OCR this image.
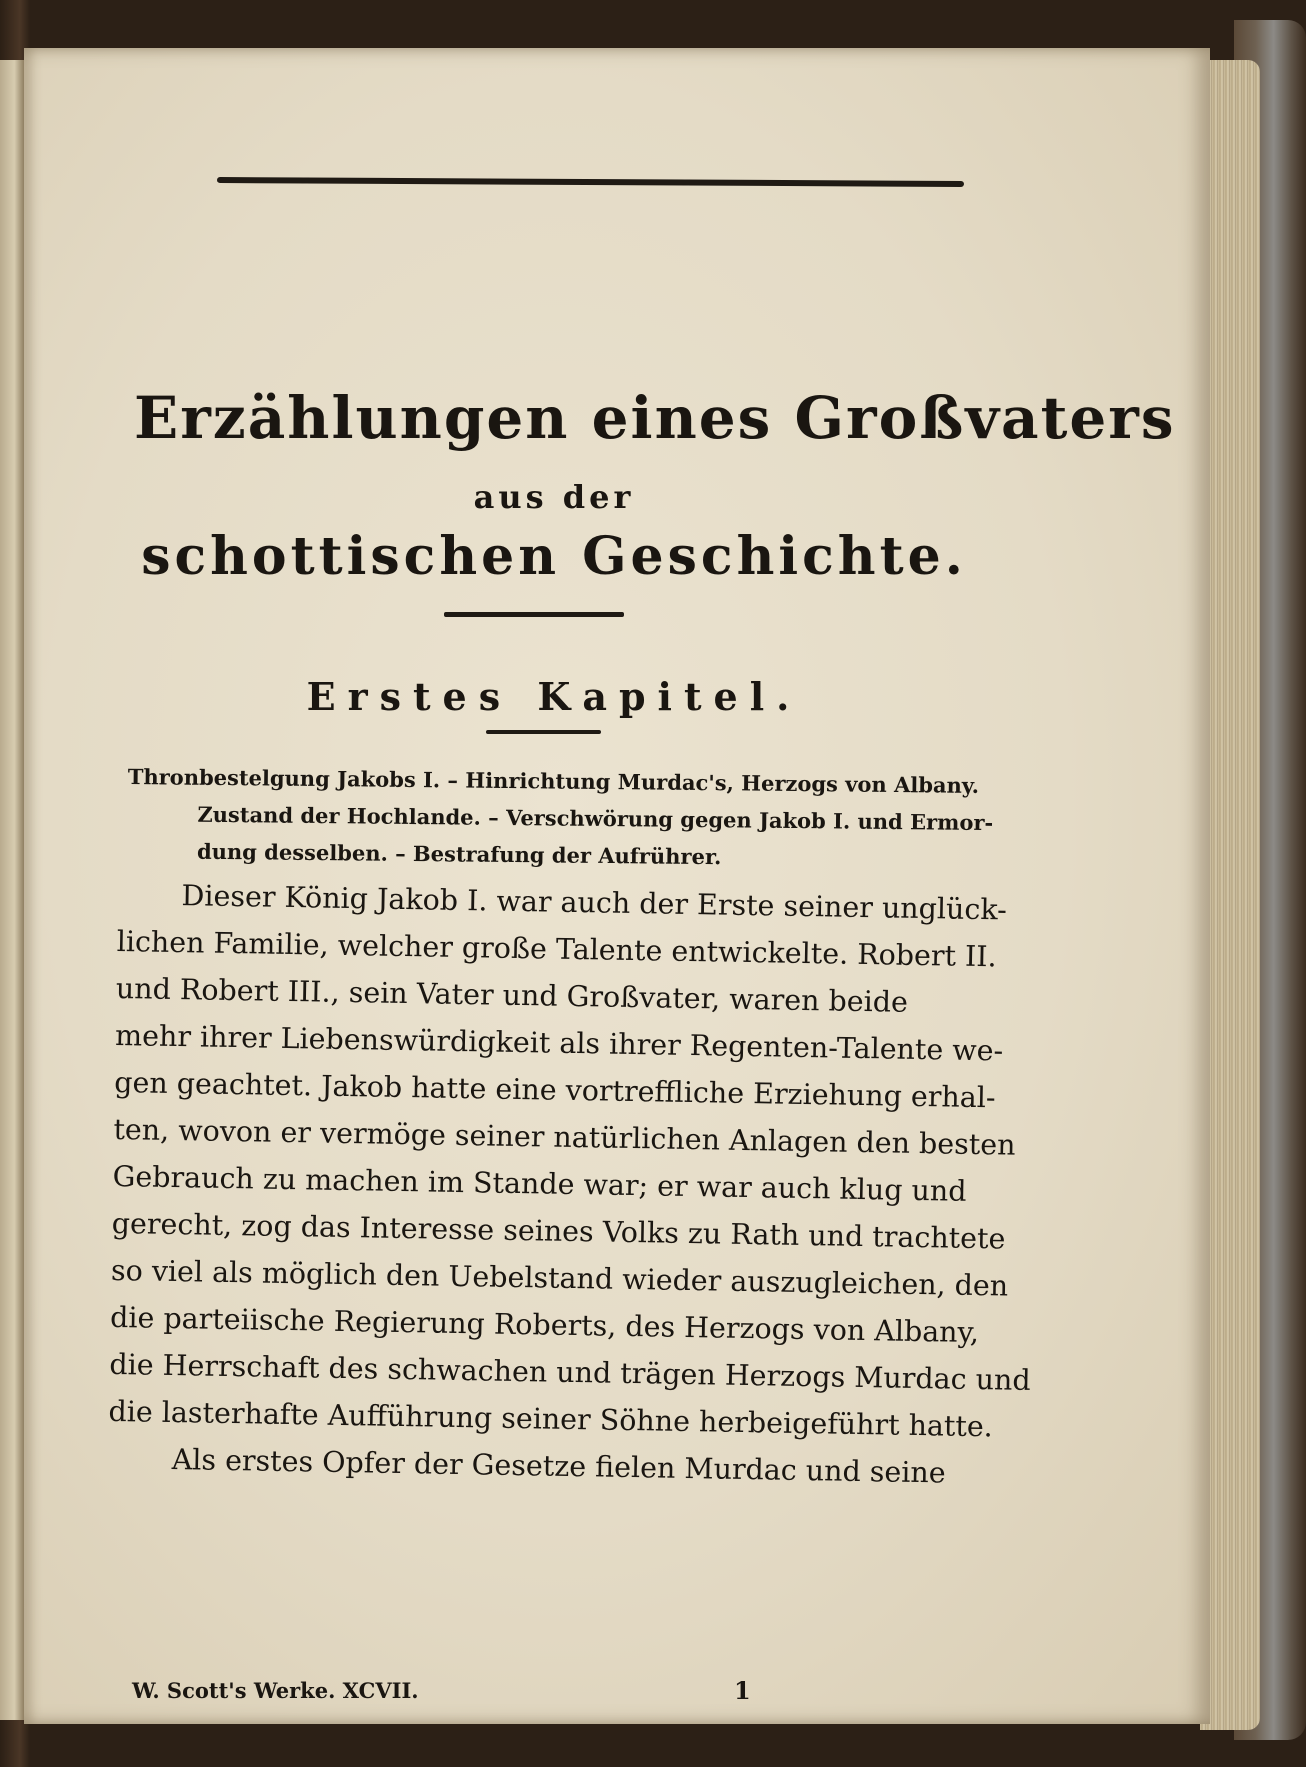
Erzählungen eines Großvaters
aus der
schottischen Geschichte.
Erstes Kapitel.
Thronbestelgung Jakobs I. – Hinrichtung Murdac's, Herzogs von Albany.
Zustand der Hochlande. – Verschwörung gegen Jakob I. und Ermor-
dung desselben. – Bestrafung der Aufrührer.
Dieser König Jakob I. war auch der Erste seiner unglück-
lichen Familie, welcher große Talente entwickelte. Robert II.
und Robert III., sein Vater und Großvater, waren beide
mehr ihrer Liebenswürdigkeit als ihrer Regenten-Talente we-
gen geachtet. Jakob hatte eine vortreffliche Erziehung erhal-
ten, wovon er vermöge seiner natürlichen Anlagen den besten
Gebrauch zu machen im Stande war; er war auch klug und
gerecht, zog das Interesse seines Volks zu Rath und trachtete
so viel als möglich den Uebelstand wieder auszugleichen, den
die parteiische Regierung Roberts, des Herzogs von Albany,
die Herrschaft des schwachen und trägen Herzogs Murdac und
die lasterhafte Aufführung seiner Söhne herbeigeführt hatte.
Als erstes Opfer der Gesetze fielen Murdac und seine
W. Scott's Werke. XCVII.	1
